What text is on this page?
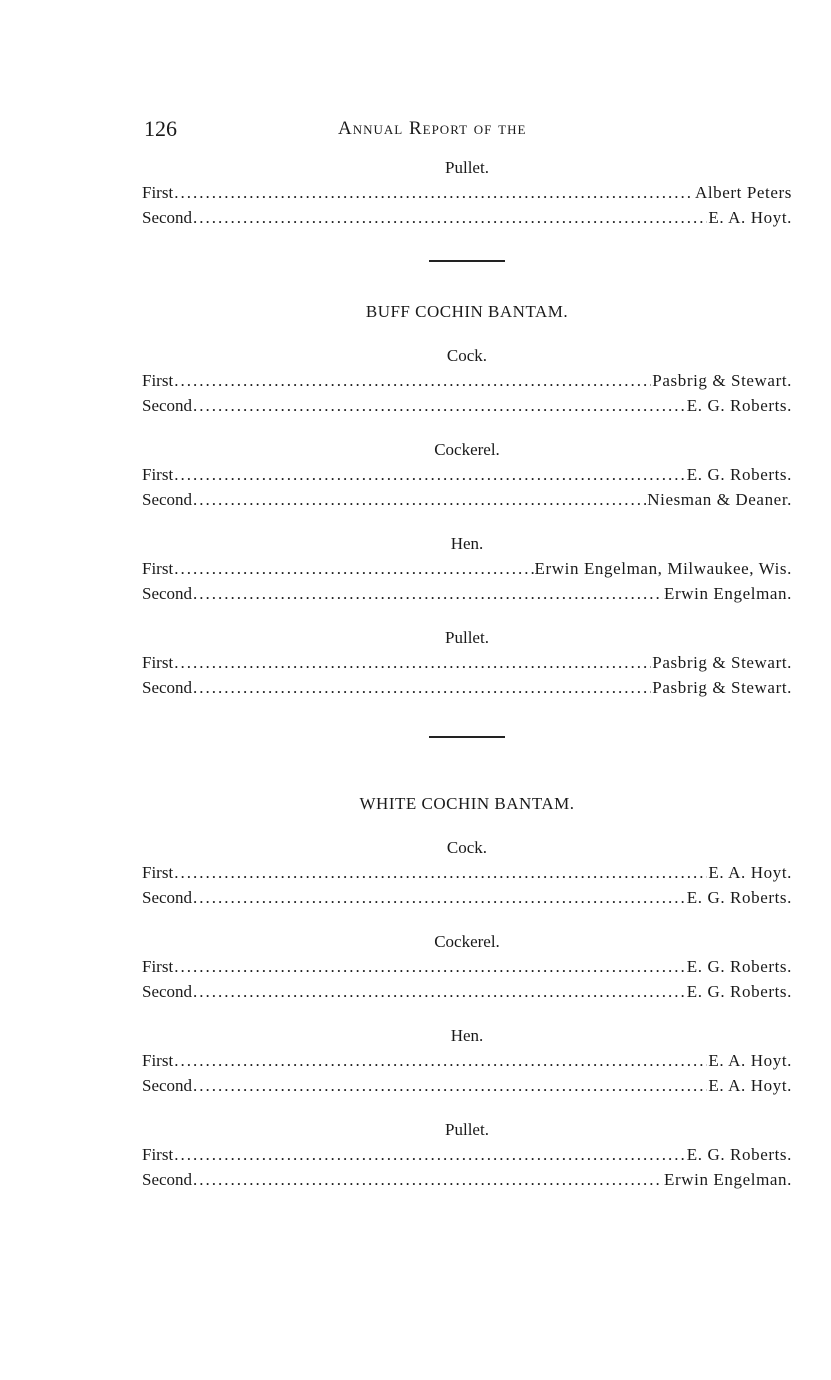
126	Annual Report of the
Pullet.
First .....	Albert Peters
Second .....	E. A. Hoyt.
BUFF COCHIN BANTAM.
Cock.
First .....	Pasbrig & Stewart.
Second .....	E. G. Roberts.
Cockerel.
First .....	E. G. Roberts.
Second .....	Niesman & Deaner.
Hen.
First .....	Erwin Engelman, Milwaukee, Wis.
Second .....	Erwin Engelman.
Pullet.
First .....	Pasbrig & Stewart.
Second .....	Pasbrig & Stewart.
WHITE COCHIN BANTAM.
Cock.
First .....	E. A. Hoyt.
Second .....	E. G. Roberts.
Cockerel.
First .....	E. G. Roberts.
Second .....	E. G. Roberts.
Hen.
First .....	E. A. Hoyt.
Second .....	E. A. Hoyt.
Pullet.
First .....	E. G. Roberts.
Second .....	Erwin Engelman.
